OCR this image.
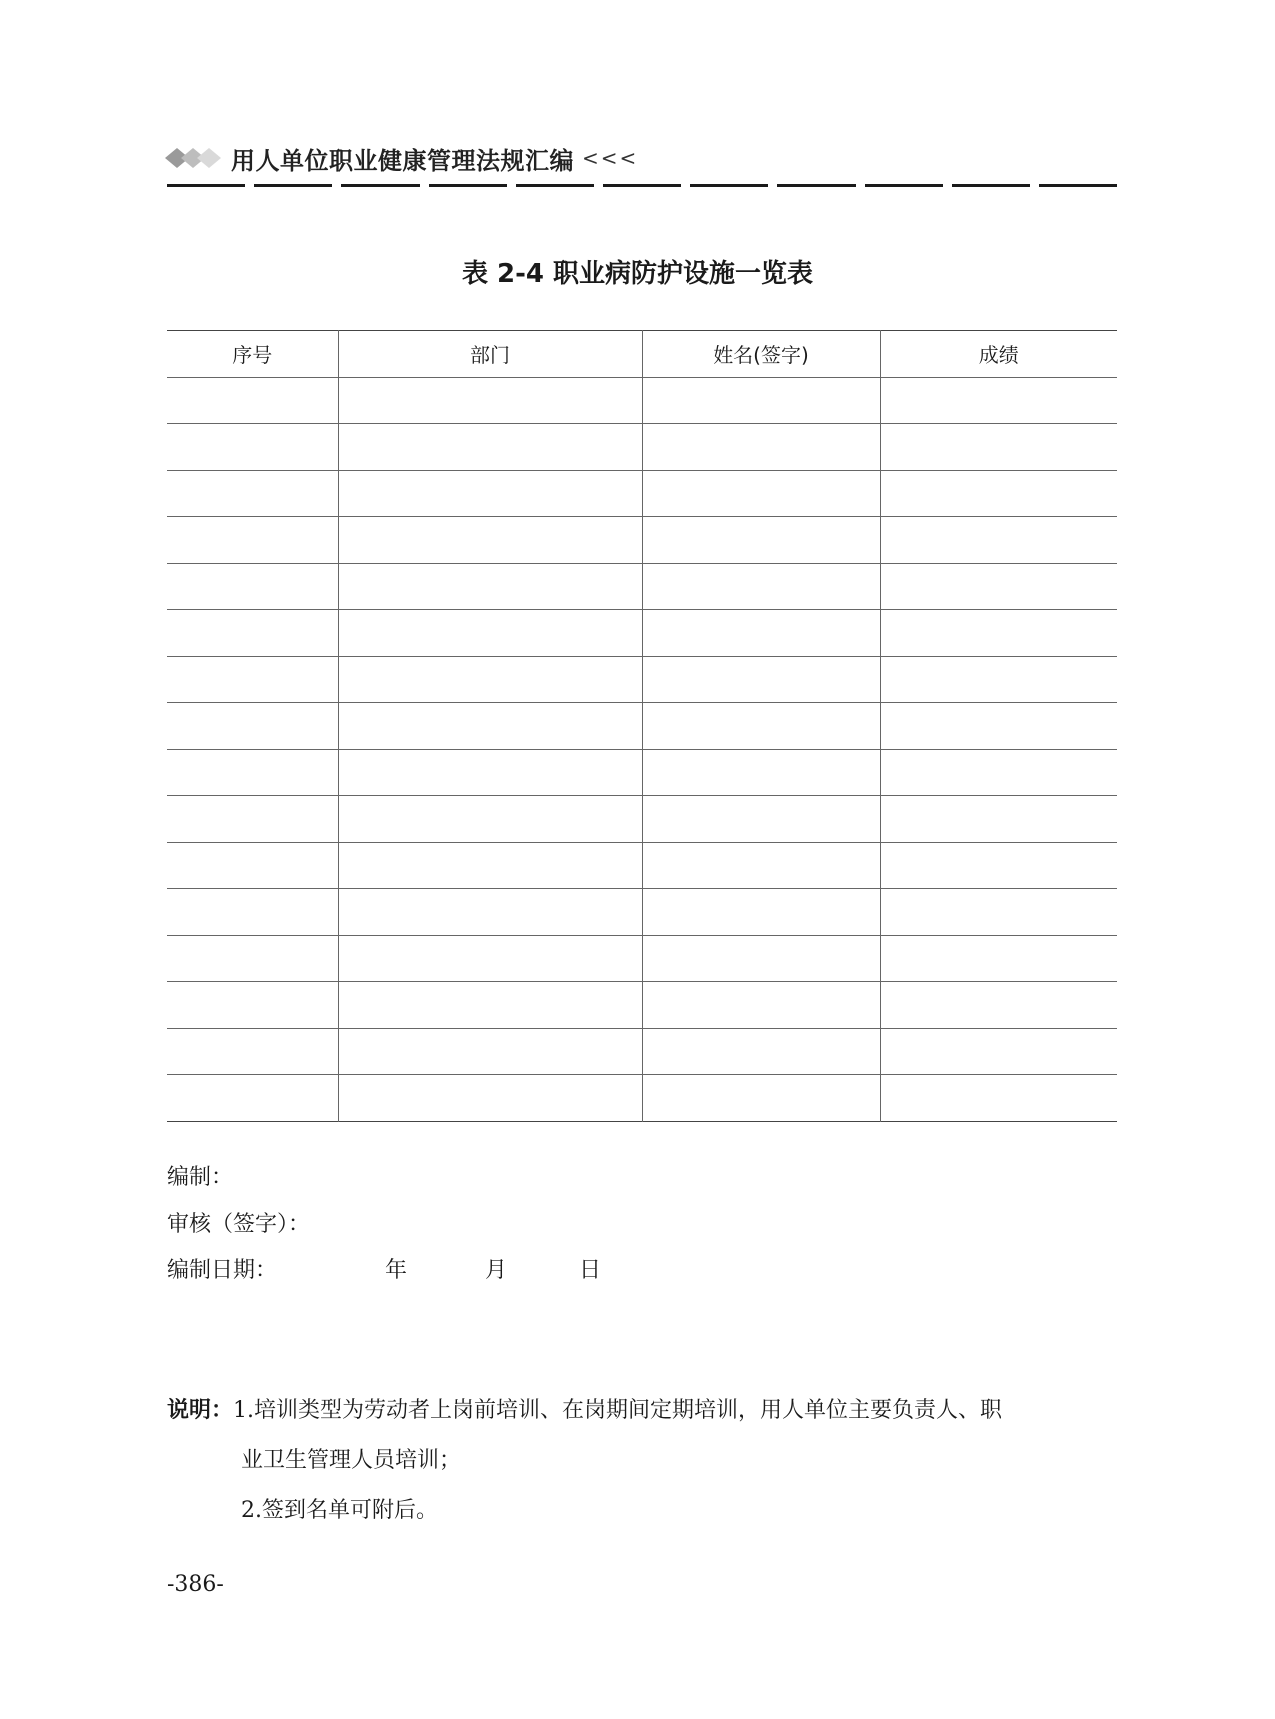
用人单位职业健康管理法规汇编 <<<
表 2-4 职业病防护设施一览表
序号	部门	姓名(签字)	成绩

编制：
审核（签字）：
编制日期：	年	月	日
说明：1.培训类型为劳动者上岗前培训、在岗期间定期培训，用人单位主要负责人、职
业卫生管理人员培训；
2.签到名单可附后。
-386-
